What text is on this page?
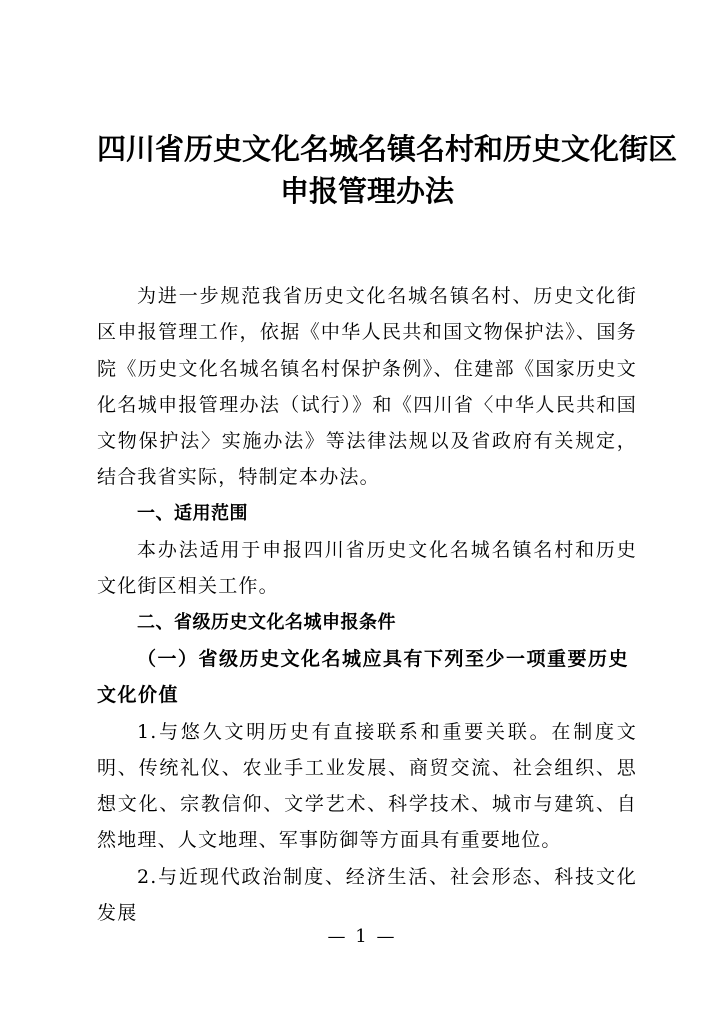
四川省历史文化名城名镇名村和历史文化街区
申报管理办法

为进一步规范我省历史文化名城名镇名村、历史文化街区申报管理工作，依据《中华人民共和国文物保护法》、国务院《历史文化名城名镇名村保护条例》、住建部《国家历史文化名城申报管理办法（试行）》和《四川省〈中华人民共和国文物保护法〉实施办法》等法律法规以及省政府有关规定，结合我省实际，特制定本办法。

一、适用范围

本办法适用于申报四川省历史文化名城名镇名村和历史文化街区相关工作。

二、省级历史文化名城申报条件

（一）省级历史文化名城应具有下列至少一项重要历史文化价值

1.与悠久文明历史有直接联系和重要关联。在制度文明、传统礼仪、农业手工业发展、商贸交流、社会组织、思想文化、宗教信仰、文学艺术、科学技术、城市与建筑、自然地理、人文地理、军事防御等方面具有重要地位。

2.与近现代政治制度、经济生活、社会形态、科技文化发展

— 1 —
